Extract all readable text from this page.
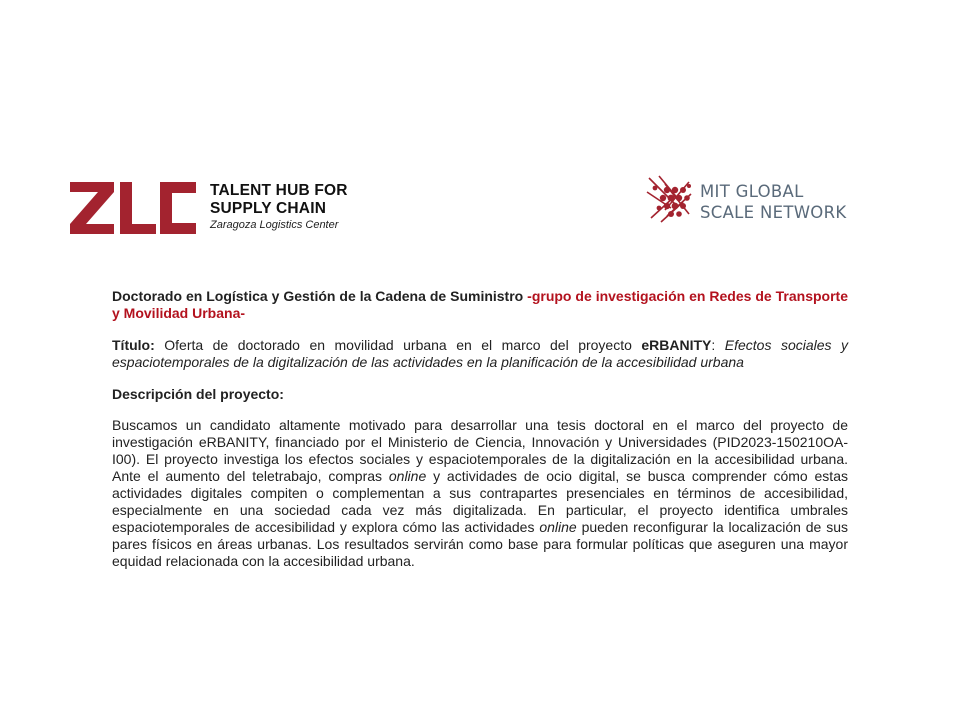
TALENT HUB FOR
SUPPLY CHAIN
Zaragoza Logistics Center
MIT GLOBAL
SCALE NETWORK

Doctorado en Logística y Gestión de la Cadena de Suministro -grupo de investigación en Redes de Transporte y Movilidad Urbana-

Título: Oferta de doctorado en movilidad urbana en el marco del proyecto eRBANITY: Efectos sociales y espaciotemporales de la digitalización de las actividades en la planificación de la accesibilidad urbana

Descripción del proyecto:

Buscamos un candidato altamente motivado para desarrollar una tesis doctoral en el marco del proyecto de investigación eRBANITY, financiado por el Ministerio de Ciencia, Innovación y Universidades (PID2023-150210OA-I00). El proyecto investiga los efectos sociales y espaciotemporales de la digitalización en la accesibilidad urbana. Ante el aumento del teletrabajo, compras online y actividades de ocio digital, se busca comprender cómo estas actividades digitales compiten o complementan a sus contrapartes presenciales en términos de accesibilidad, especialmente en una sociedad cada vez más digitalizada. En particular, el proyecto identifica umbrales espaciotemporales de accesibilidad y explora cómo las actividades online pueden reconfigurar la localización de sus pares físicos en áreas urbanas. Los resultados servirán como base para formular políticas que aseguren una mayor equidad relacionada con la accesibilidad urbana.
